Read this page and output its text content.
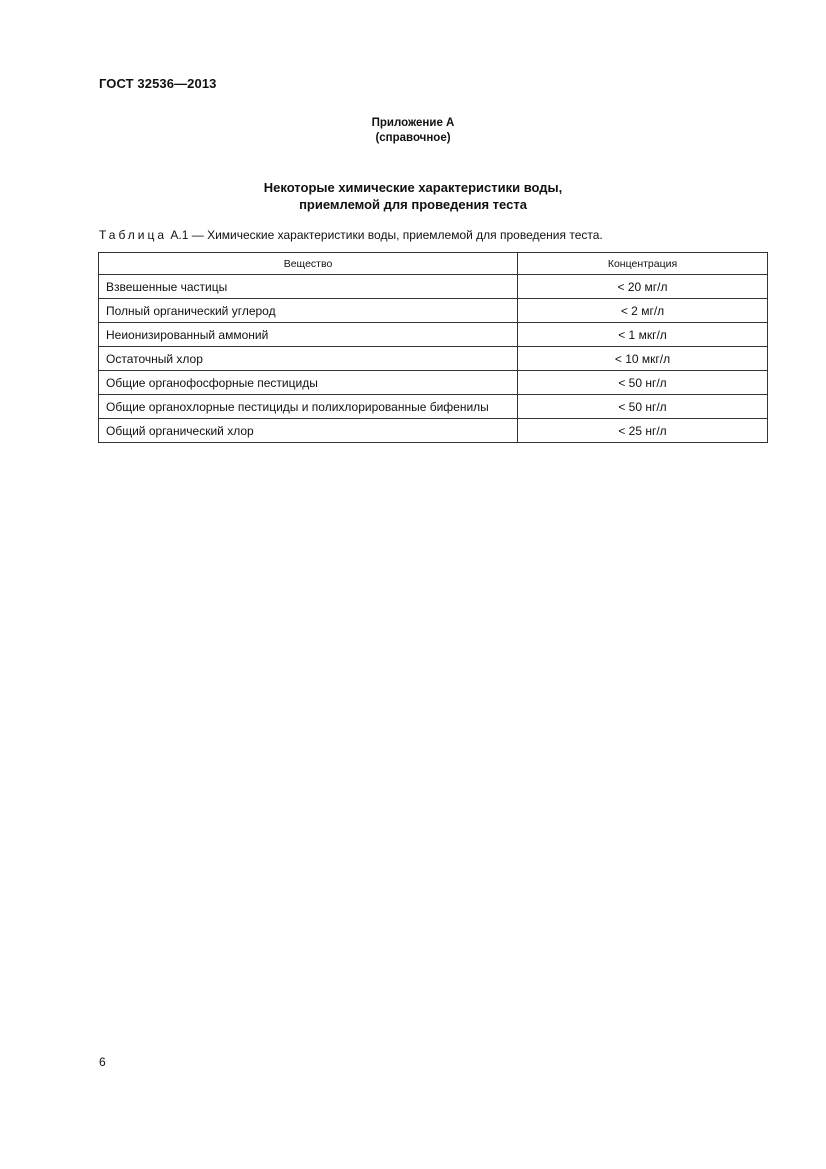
ГОСТ 32536—2013
Приложение А
(справочное)
Некоторые химические характеристики воды,
приемлемой для проведения теста
Таблица А.1 — Химические характеристики воды, приемлемой для проведения теста.
Вещество	Концентрация
Взвешенные частицы	< 20 мг/л
Полный органический углерод	< 2 мг/л
Неионизированный аммоний	< 1 мкг/л
Остаточный хлор	< 10 мкг/л
Общие органофосфорные пестициды	< 50 нг/л
Общие органохлорные пестициды и полихлорированные бифенилы	< 50 нг/л
Общий органический хлор	< 25 нг/л
6
